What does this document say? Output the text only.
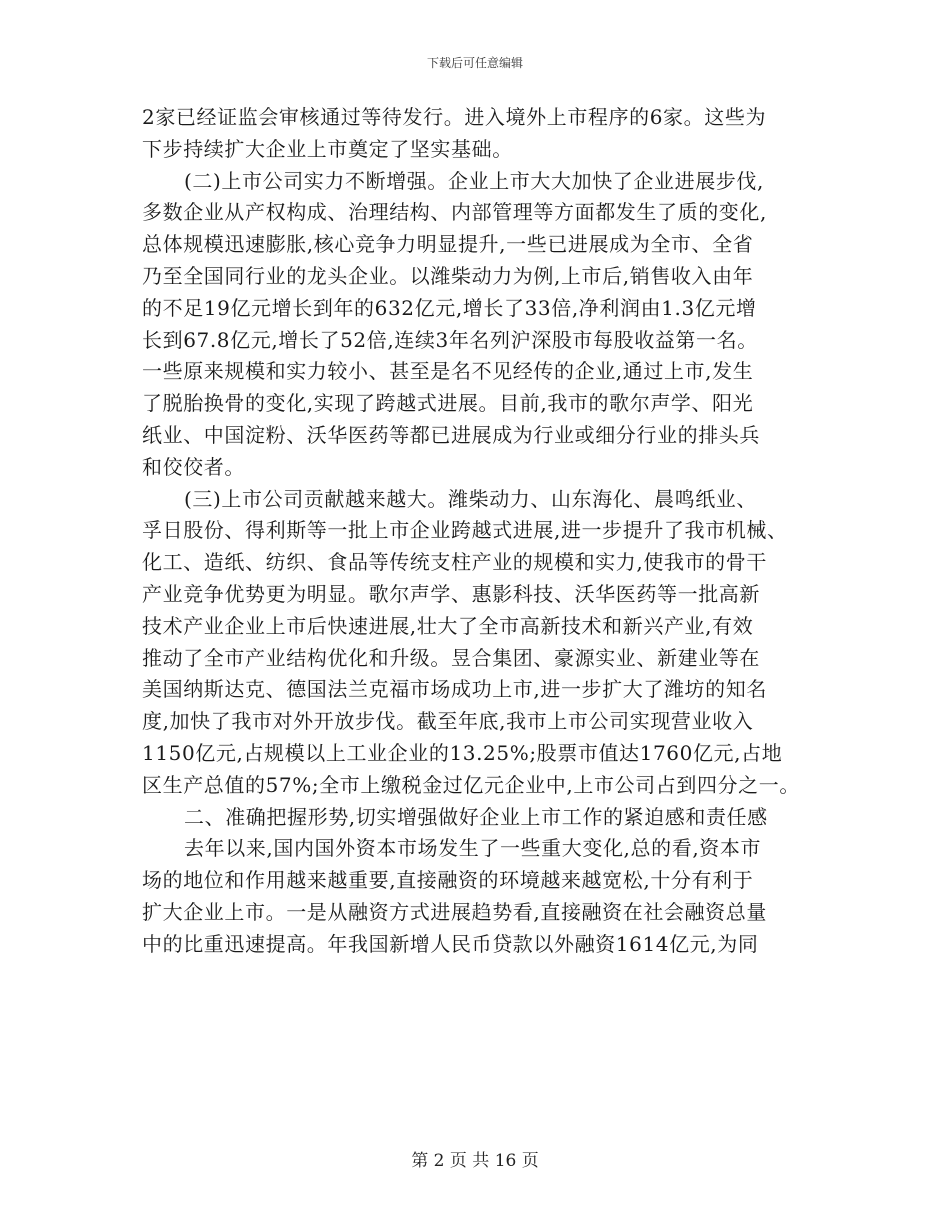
下载后可任意编辑
2家已经证监会审核通过等待发行。进入境外上市程序的6家。这些为
下步持续扩大企业上市奠定了坚实基础。
(二)上市公司实力不断增强。企业上市大大加快了企业进展步伐,
多数企业从产权构成、治理结构、内部管理等方面都发生了质的变化,
总体规模迅速膨胀,核心竞争力明显提升,一些已进展成为全市、全省
乃至全国同行业的龙头企业。以潍柴动力为例,上市后,销售收入由年
的不足19亿元增长到年的632亿元,增长了33倍,净利润由1.3亿元增
长到67.8亿元,增长了52倍,连续3年名列沪深股市每股收益第一名。
一些原来规模和实力较小、甚至是名不见经传的企业,通过上市,发生
了脱胎换骨的变化,实现了跨越式进展。目前,我市的歌尔声学、阳光
纸业、中国淀粉、沃华医药等都已进展成为行业或细分行业的排头兵
和佼佼者。
(三)上市公司贡献越来越大。潍柴动力、山东海化、晨鸣纸业、
孚日股份、得利斯等一批上市企业跨越式进展,进一步提升了我市机械、
化工、造纸、纺织、食品等传统支柱产业的规模和实力,使我市的骨干
产业竞争优势更为明显。歌尔声学、惠影科技、沃华医药等一批高新
技术产业企业上市后快速进展,壮大了全市高新技术和新兴产业,有效
推动了全市产业结构优化和升级。昱合集团、豪源实业、新建业等在
美国纳斯达克、德国法兰克福市场成功上市,进一步扩大了潍坊的知名
度,加快了我市对外开放步伐。截至年底,我市上市公司实现营业收入
1150亿元,占规模以上工业企业的13.25%;股票市值达1760亿元,占地
区生产总值的57%;全市上缴税金过亿元企业中,上市公司占到四分之一。
二、准确把握形势,切实增强做好企业上市工作的紧迫感和责任感
去年以来,国内国外资本市场发生了一些重大变化,总的看,资本市
场的地位和作用越来越重要,直接融资的环境越来越宽松,十分有利于
扩大企业上市。一是从融资方式进展趋势看,直接融资在社会融资总量
中的比重迅速提高。年我国新增人民币贷款以外融资1614亿元,为同
第 2 页 共 16 页
